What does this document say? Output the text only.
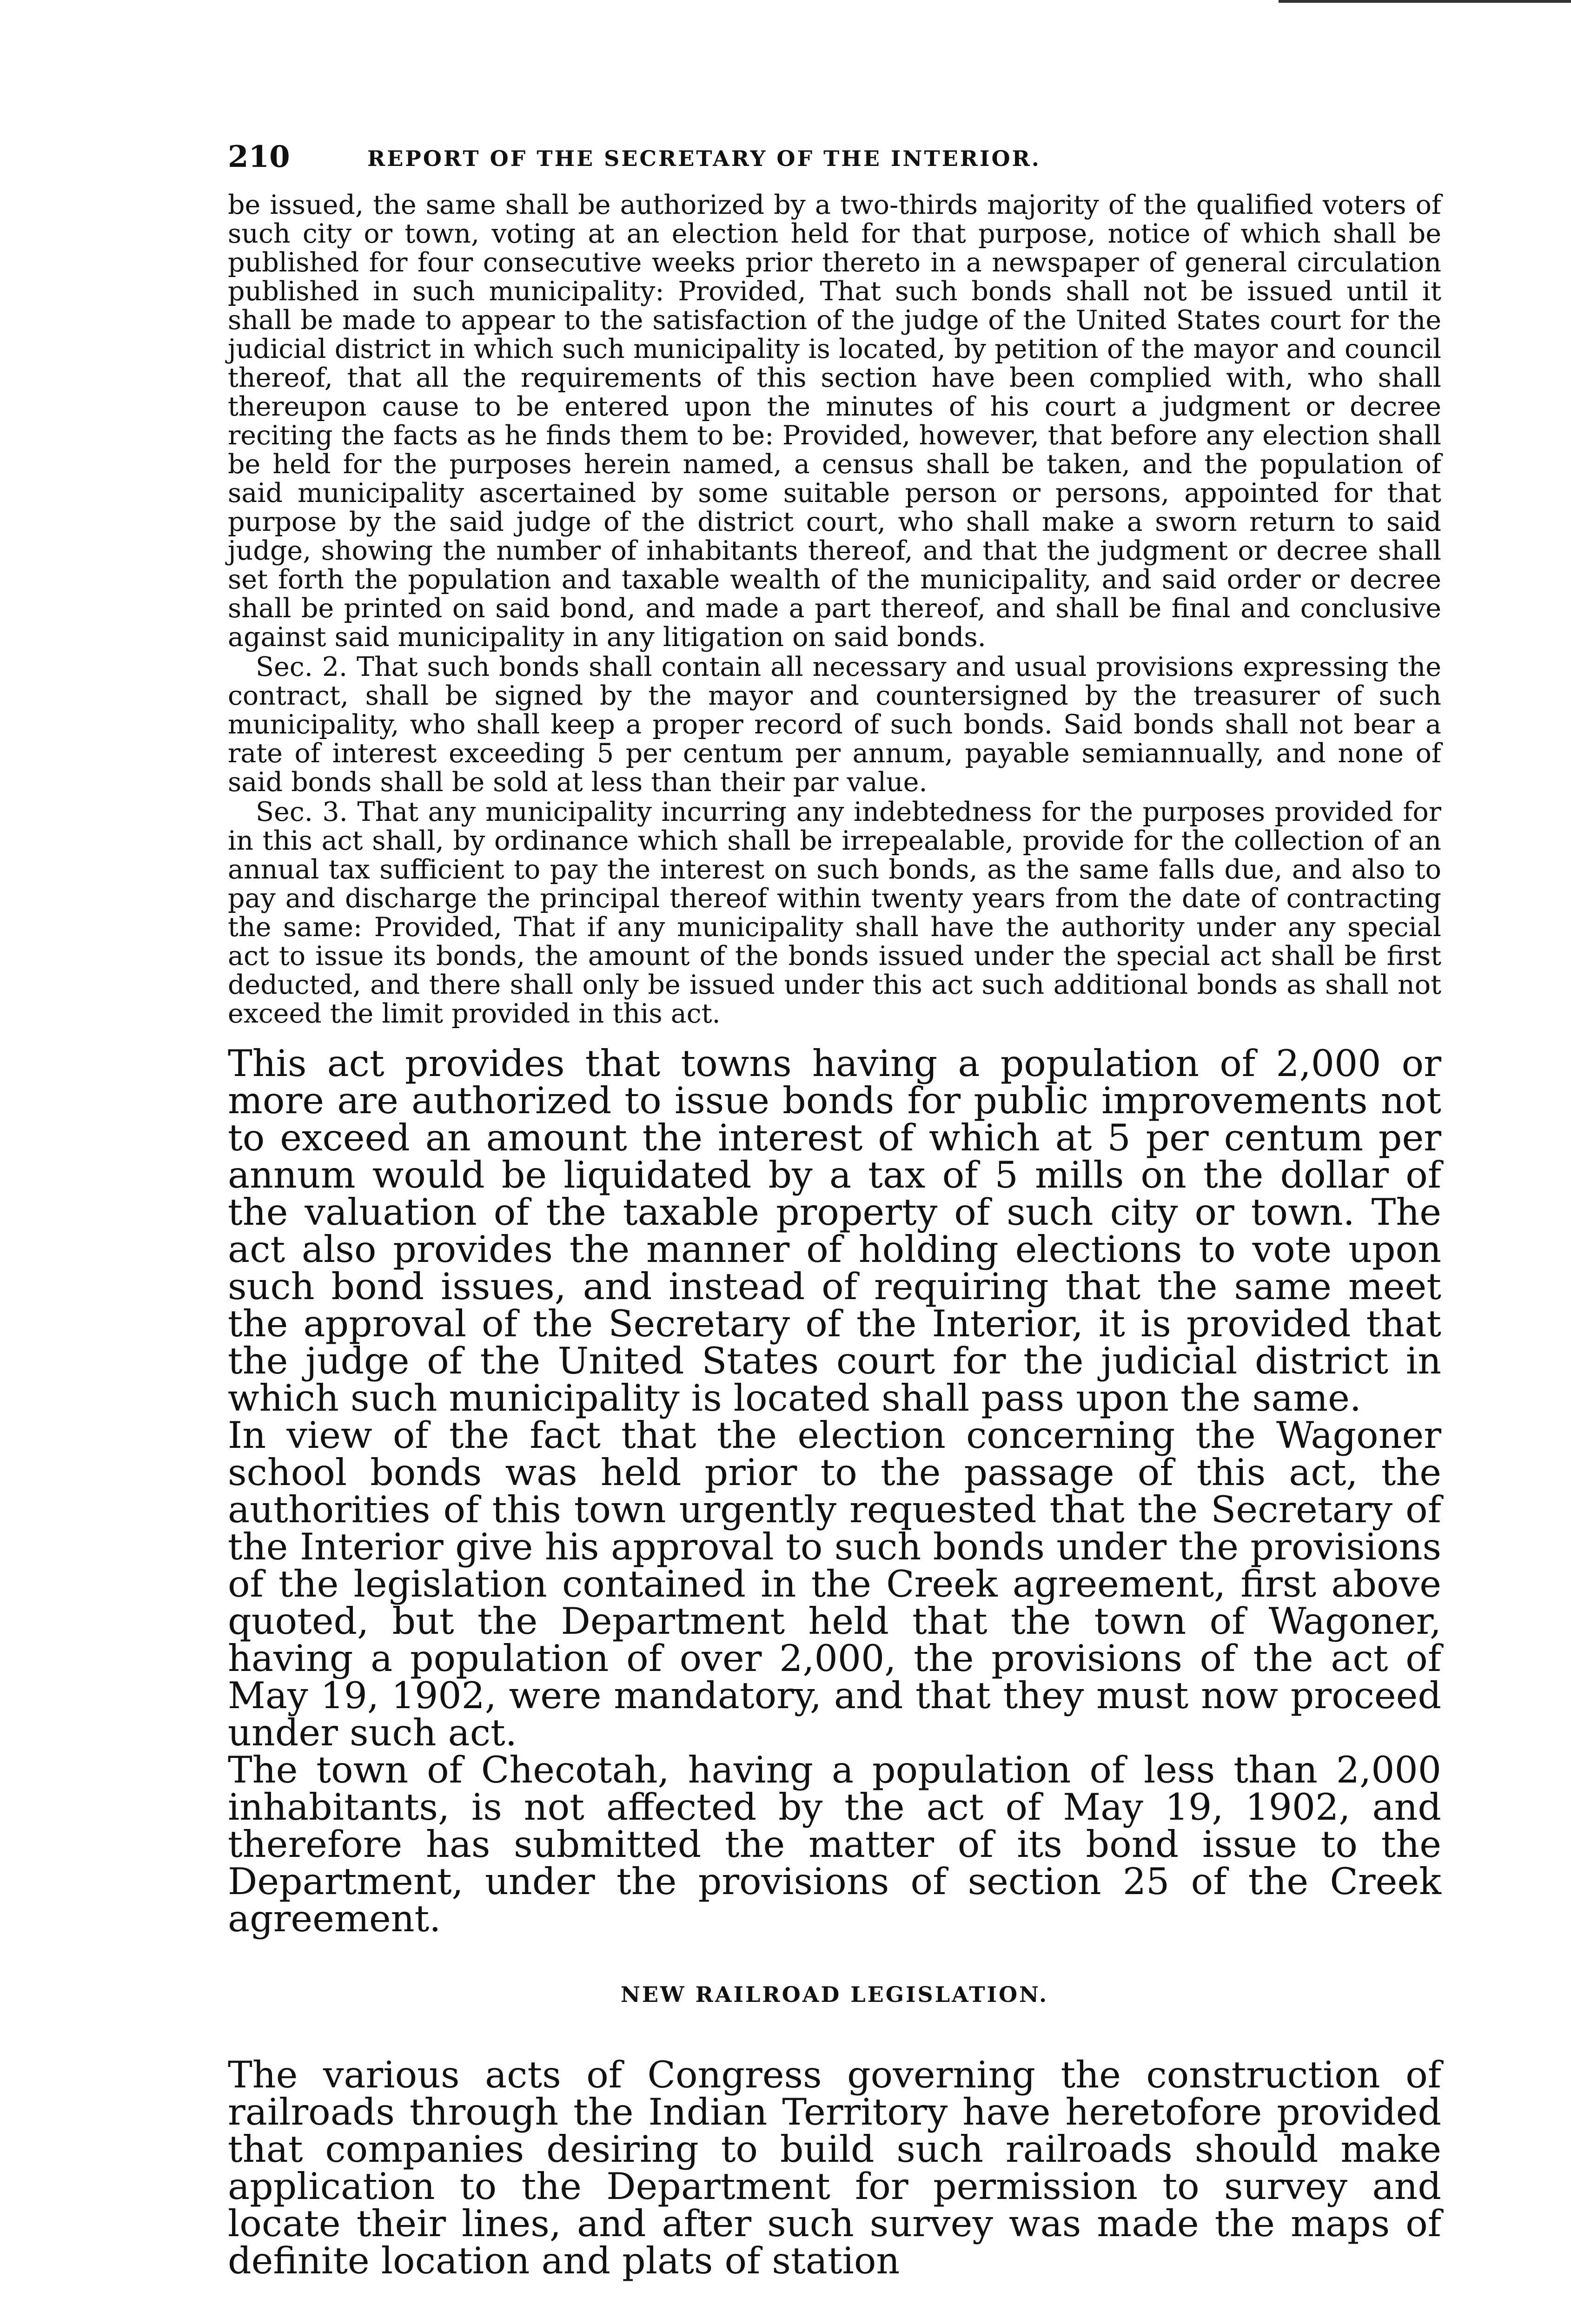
210	REPORT OF THE SECRETARY OF THE INTERIOR.

be issued, the same shall be authorized by a two-thirds majority of the qualified voters of such city or town, voting at an election held for that purpose, notice of which shall be published for four consecutive weeks prior thereto in a newspaper of general circulation published in such municipality: Provided, That such bonds shall not be issued until it shall be made to appear to the satisfaction of the judge of the United States court for the judicial district in which such municipality is located, by petition of the mayor and council thereof, that all the requirements of this section have been complied with, who shall thereupon cause to be entered upon the minutes of his court a judgment or decree reciting the facts as he finds them to be: Provided, however, that before any election shall be held for the purposes herein named, a census shall be taken, and the population of said municipality ascertained by some suitable person or persons, appointed for that purpose by the said judge of the district court, who shall make a sworn return to said judge, showing the number of inhabitants thereof, and that the judgment or decree shall set forth the population and taxable wealth of the municipality, and said order or decree shall be printed on said bond, and made a part thereof, and shall be final and conclusive against said municipality in any litigation on said bonds.

Sec. 2. That such bonds shall contain all necessary and usual provisions expressing the contract, shall be signed by the mayor and countersigned by the treasurer of such municipality, who shall keep a proper record of such bonds. Said bonds shall not bear a rate of interest exceeding 5 per centum per annum, payable semiannually, and none of said bonds shall be sold at less than their par value.

Sec. 3. That any municipality incurring any indebtedness for the purposes provided for in this act shall, by ordinance which shall be irrepealable, provide for the collection of an annual tax sufficient to pay the interest on such bonds, as the same falls due, and also to pay and discharge the principal thereof within twenty years from the date of contracting the same: Provided, That if any municipality shall have the authority under any special act to issue its bonds, the amount of the bonds issued under the special act shall be first deducted, and there shall only be issued under this act such additional bonds as shall not exceed the limit provided in this act.

This act provides that towns having a population of 2,000 or more are authorized to issue bonds for public improvements not to exceed an amount the interest of which at 5 per centum per annum would be liquidated by a tax of 5 mills on the dollar of the valuation of the taxable property of such city or town. The act also provides the manner of holding elections to vote upon such bond issues, and instead of requiring that the same meet the approval of the Secretary of the Interior, it is provided that the judge of the United States court for the judicial district in which such municipality is located shall pass upon the same.

In view of the fact that the election concerning the Wagoner school bonds was held prior to the passage of this act, the authorities of this town urgently requested that the Secretary of the Interior give his approval to such bonds under the provisions of the legislation contained in the Creek agreement, first above quoted, but the Department held that the town of Wagoner, having a population of over 2,000, the provisions of the act of May 19, 1902, were mandatory, and that they must now proceed under such act.

The town of Checotah, having a population of less than 2,000 inhabitants, is not affected by the act of May 19, 1902, and therefore has submitted the matter of its bond issue to the Department, under the provisions of section 25 of the Creek agreement.

NEW RAILROAD LEGISLATION.

The various acts of Congress governing the construction of railroads through the Indian Territory have heretofore provided that companies desiring to build such railroads should make application to the Department for permission to survey and locate their lines, and after such survey was made the maps of definite location and plats of station
